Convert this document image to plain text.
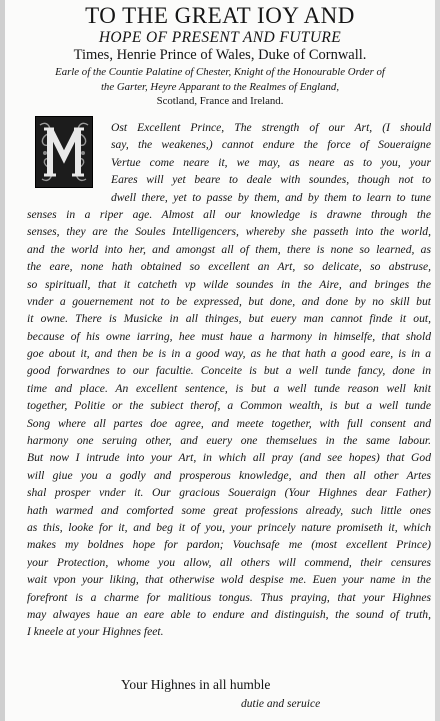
TO THE GREAT IOY AND
HOPE OF PRESENT AND FUTURE
Times, Henrie Prince of Wales, Duke of Cornwall.
Earle of the Countie Palatine of Chester, Knight of the Honourable Order of
the Garter, Heyre Apparant to the Realmes of England,
Scotland, France and Ireland.
Ost Excellent Prince, The strength of our Art, (I should
say, the weakenes,) cannot endure the force of Soueraigne
Vertue come neare it, we may, as neare as to you, your
Eares will yet beare to deale with soundes, though not to
dwell there, yet to passe by them, and by them to learn to tune
senses in a riper age. Almost all our knowledge is drawne through the
senses, they are the Soules Intelligencers, whereby she passeth into the world,
and the world into her, and amongst all of them, there is none so learned, as
the eare, none hath obtained so excellent an Art, so delicate, so abstruse,
so spirituall, that it catcheth vp wilde soundes in the Aire, and bringes the
vnder a gouernement not to be expressed, but done, and done by no skill but
it owne. There is Musicke in all thinges, but euery man cannot finde it out,
because of his owne iarring, hee must haue a harmony in himselfe, that shold
goe about it, and then be is in a good way, as he that hath a good eare, is in a
good forwardnes to our facultie. Conceite is but a well tunde fancy, done in
time and place. An excellent sentence, is but a well tunde reason well knit
together, Politie or the subiect therof, a Common wealth, is but a well tunde
Song where all partes doe agree, and meete together, with full consent and
harmony one seruing other, and euery one themselues in the same labour.
But now I intrude into your Art, in which all pray (and see hopes) that God
will giue you a godly and prosperous knowledge, and then all other Artes
shal prosper vnder it. Our gracious Soueraign (Your Highnes dear Father)
hath warmed and comforted some great professions already, such little ones
as this, looke for it, and beg it of you, your princely nature promiseth it, which
makes my boldnes hope for pardon; Vouchsafe me (most excellent Prince)
your Protection, whome you allow, all others will commend, their censures
wait vpon your liking, that otherwise wold despise me. Euen your name in the
forefront is a charme for malitious tongus. Thus praying, that your Highnes
may alwayes haue an eare able to endure and distinguish, the sound of truth,
I kneele at your Highnes feet.
Your Highnes in all humble
dutie and seruice
